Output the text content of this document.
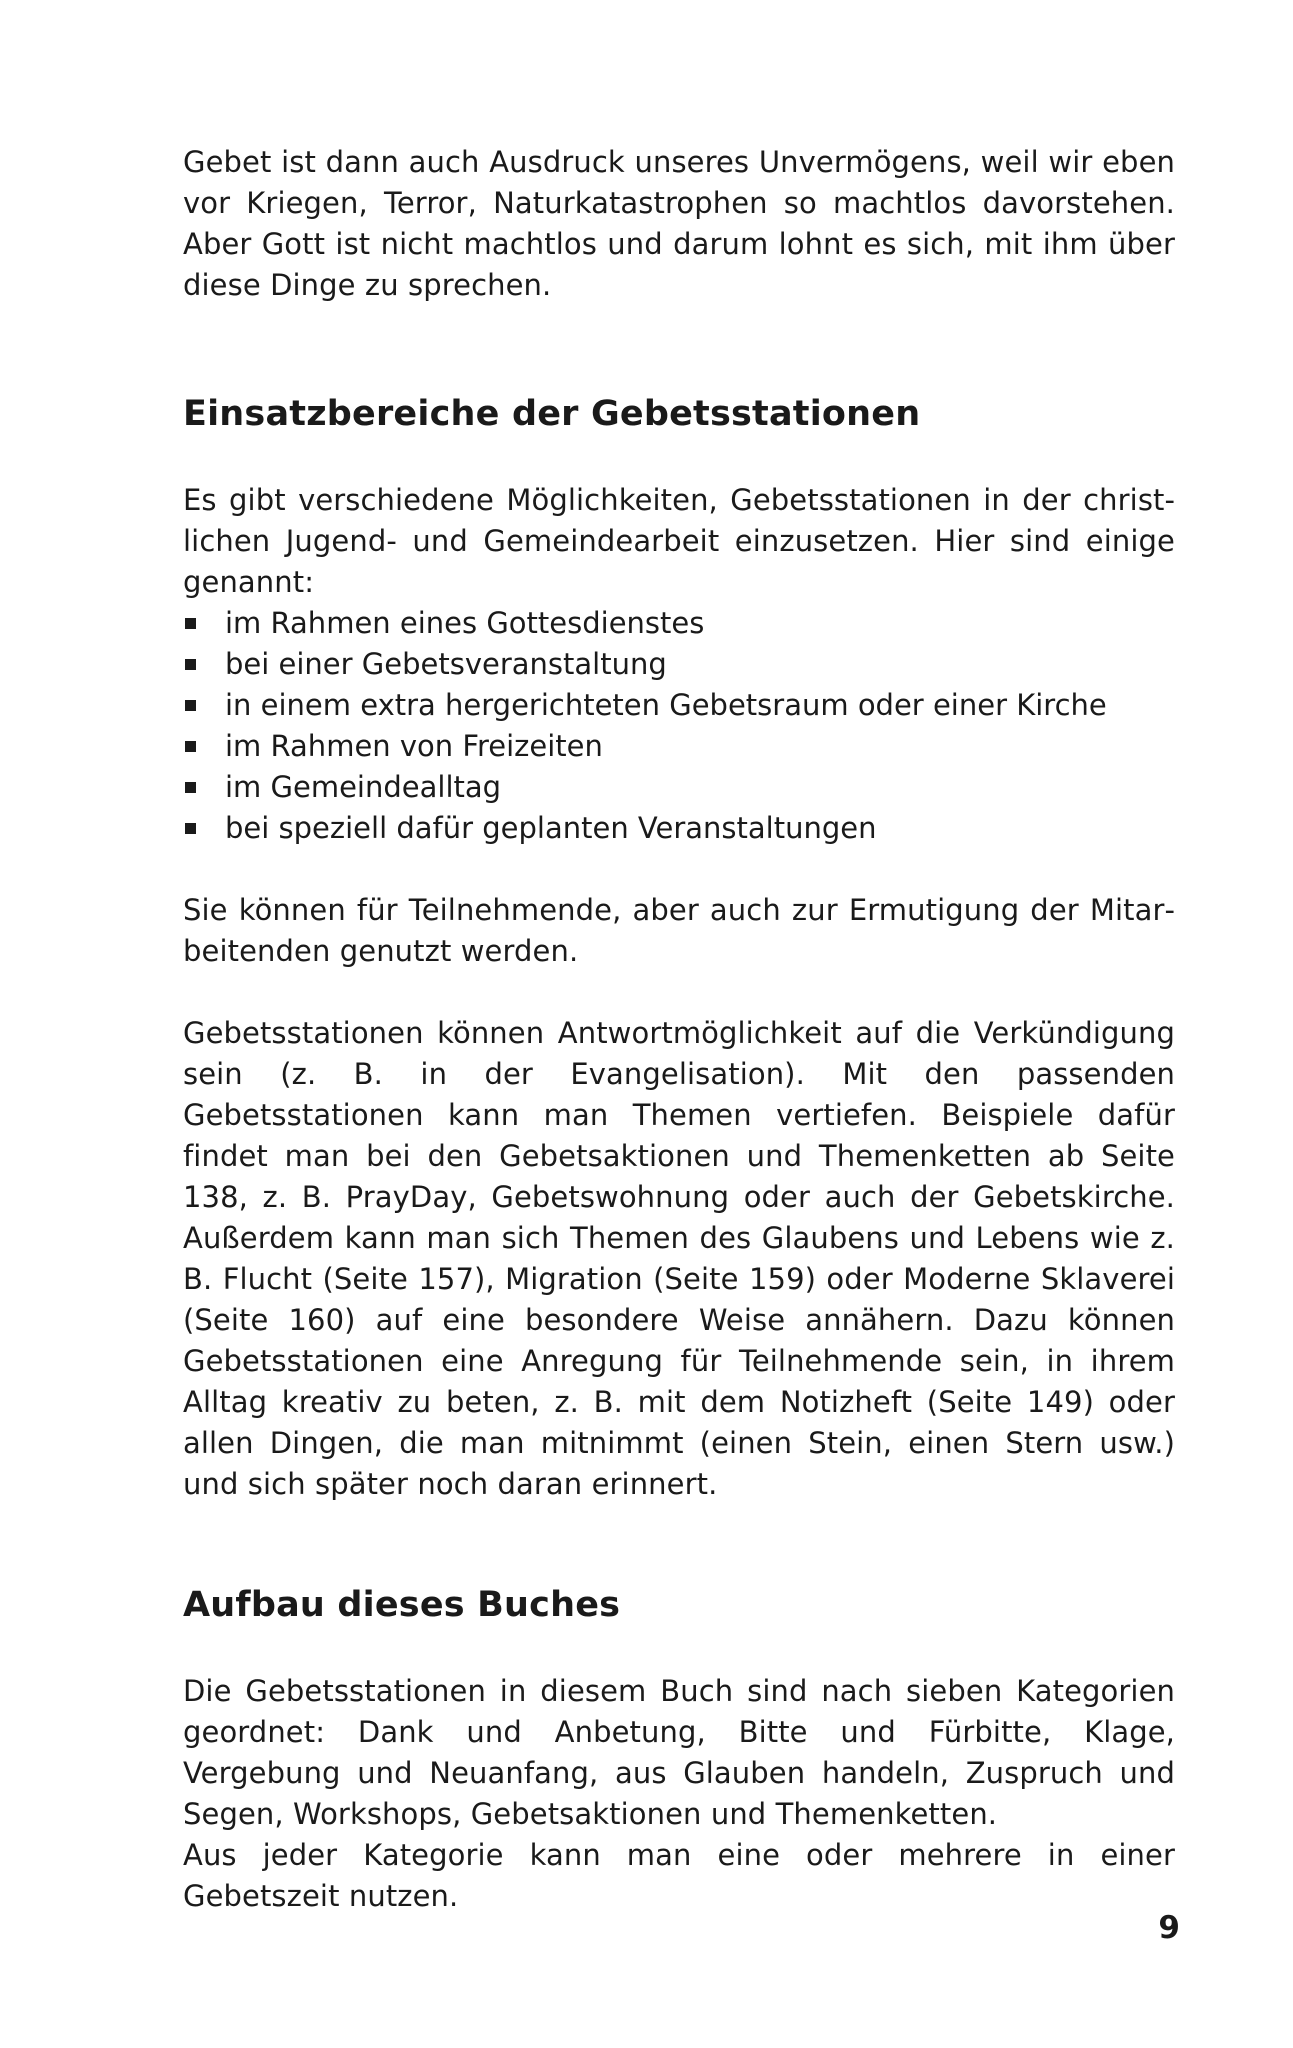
Gebet ist dann auch Ausdruck unseres Unvermögens, weil wir eben vor Kriegen, Terror, Naturkatastrophen so machtlos davorstehen. Aber Gott ist nicht machtlos und darum lohnt es sich, mit ihm über diese Dinge zu sprechen.

Einsatzbereiche der Gebetsstationen

Es gibt verschiedene Möglichkeiten, Gebetsstationen in der christlichen Jugend- und Gemeindearbeit einzusetzen. Hier sind einige genannt:

im Rahmen eines Gottesdienstes
bei einer Gebetsveranstaltung
in einem extra hergerichteten Gebetsraum oder einer Kirche
im Rahmen von Freizeiten
im Gemeindealltag
bei speziell dafür geplanten Veranstaltungen

Sie können für Teilnehmende, aber auch zur Ermutigung der Mitarbeitenden genutzt werden.

Gebetsstationen können Antwortmöglichkeit auf die Verkündigung sein (z. B. in der Evangelisation). Mit den passenden Gebetsstationen kann man Themen vertiefen. Beispiele dafür findet man bei den Gebetsaktionen und Themenketten ab Seite 138, z. B. PrayDay, Gebetswohnung oder auch der Gebetskirche. Außerdem kann man sich Themen des Glaubens und Lebens wie z. B. Flucht (Seite 157), Migration (Seite 159) oder Moderne Sklaverei (Seite 160) auf eine besondere Weise annähern. Dazu können Gebetsstationen eine Anregung für Teilnehmende sein, in ihrem Alltag kreativ zu beten, z. B. mit dem Notizheft (Seite 149) oder allen Dingen, die man mitnimmt (einen Stein, einen Stern usw.) und sich später noch daran erinnert.

Aufbau dieses Buches

Die Gebetsstationen in diesem Buch sind nach sieben Kategorien geordnet: Dank und Anbetung, Bitte und Fürbitte, Klage, Vergebung und Neuanfang, aus Glauben handeln, Zuspruch und Segen, Workshops, Gebetsaktionen und Themenketten.

Aus jeder Kategorie kann man eine oder mehrere in einer Gebetszeit nutzen.

9
